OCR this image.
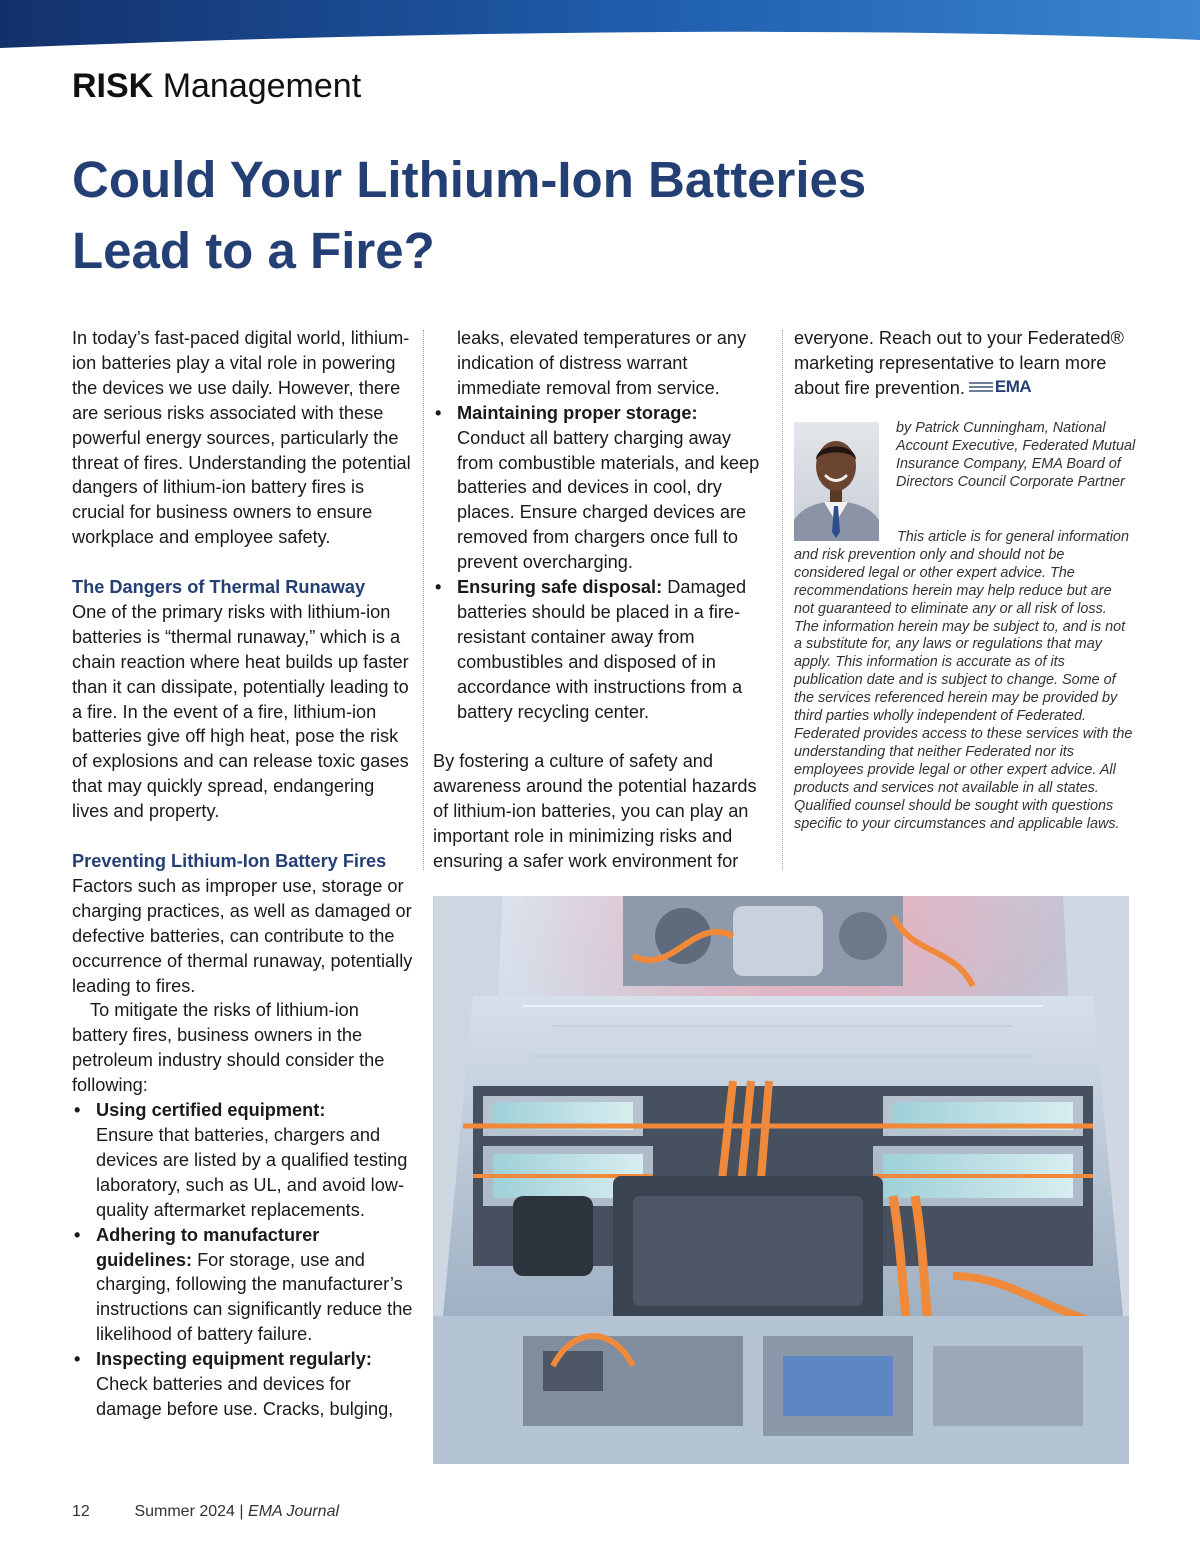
RISK Management
Could Your Lithium-Ion Batteries
Lead to a Fire?

In today’s fast-paced digital world, lithium-ion batteries play a vital role in powering the devices we use daily. However, there are serious risks associated with these powerful energy sources, particularly the threat of fires. Understanding the potential dangers of lithium-ion battery fires is crucial for business owners to ensure workplace and employee safety.

The Dangers of Thermal Runaway

One of the primary risks with lithium-ion batteries is “thermal runaway,” which is a chain reaction where heat builds up faster than it can dissipate, potentially leading to a fire. In the event of a fire, lithium-ion batteries give off high heat, pose the risk of explosions and can release toxic gases that may quickly spread, endangering lives and property.

Preventing Lithium-Ion Battery Fires

Factors such as improper use, storage or charging practices, as well as damaged or defective batteries, can contribute to the occurrence of thermal runaway, potentially leading to fires.

To mitigate the risks of lithium-ion battery fires, business owners in the petroleum industry should consider the following:

• Using certified equipment:
Ensure that batteries, chargers and devices are listed by a qualified testing laboratory, such as UL, and avoid low-quality aftermarket replacements.
• Adhering to manufacturer guidelines: For storage, use and charging, following the manufacturer’s instructions can significantly reduce the likelihood of battery failure.
• Inspecting equipment regularly:
Check batteries and devices for damage before use. Cracks, bulging,

leaks, elevated temperatures or any indication of distress warrant immediate removal from service.

• Maintaining proper storage:
Conduct all battery charging away from combustible materials, and keep batteries and devices in cool, dry places. Ensure charged devices are removed from chargers once full to prevent overcharging.
• Ensuring safe disposal: Damaged batteries should be placed in a fire-resistant container away from combustibles and disposed of in accordance with instructions from a battery recycling center.

By fostering a culture of safety and awareness around the potential hazards of lithium-ion batteries, you can play an important role in minimizing risks and ensuring a safer work environment for

everyone. Reach out to your Federated® marketing representative to learn more about fire prevention. EMA

by Patrick Cunningham, National Account Executive, Federated Mutual Insurance Company, EMA Board of Directors Council Corporate Partner

This article is for general information and risk prevention only and should not be considered legal or other expert advice. The recommendations herein may help reduce but are not guaranteed to eliminate any or all risk of loss. The information herein may be subject to, and is not a substitute for, any laws or regulations that may apply. This information is accurate as of its publication date and is subject to change. Some of the services referenced herein may be provided by third parties wholly independent of Federated. Federated provides access to these services with the understanding that neither Federated nor its employees provide legal or other expert advice. All products and services not available in all states. Qualified counsel should be sought with questions specific to your circumstances and applicable laws.

12	Summer 2024 | EMA Journal
